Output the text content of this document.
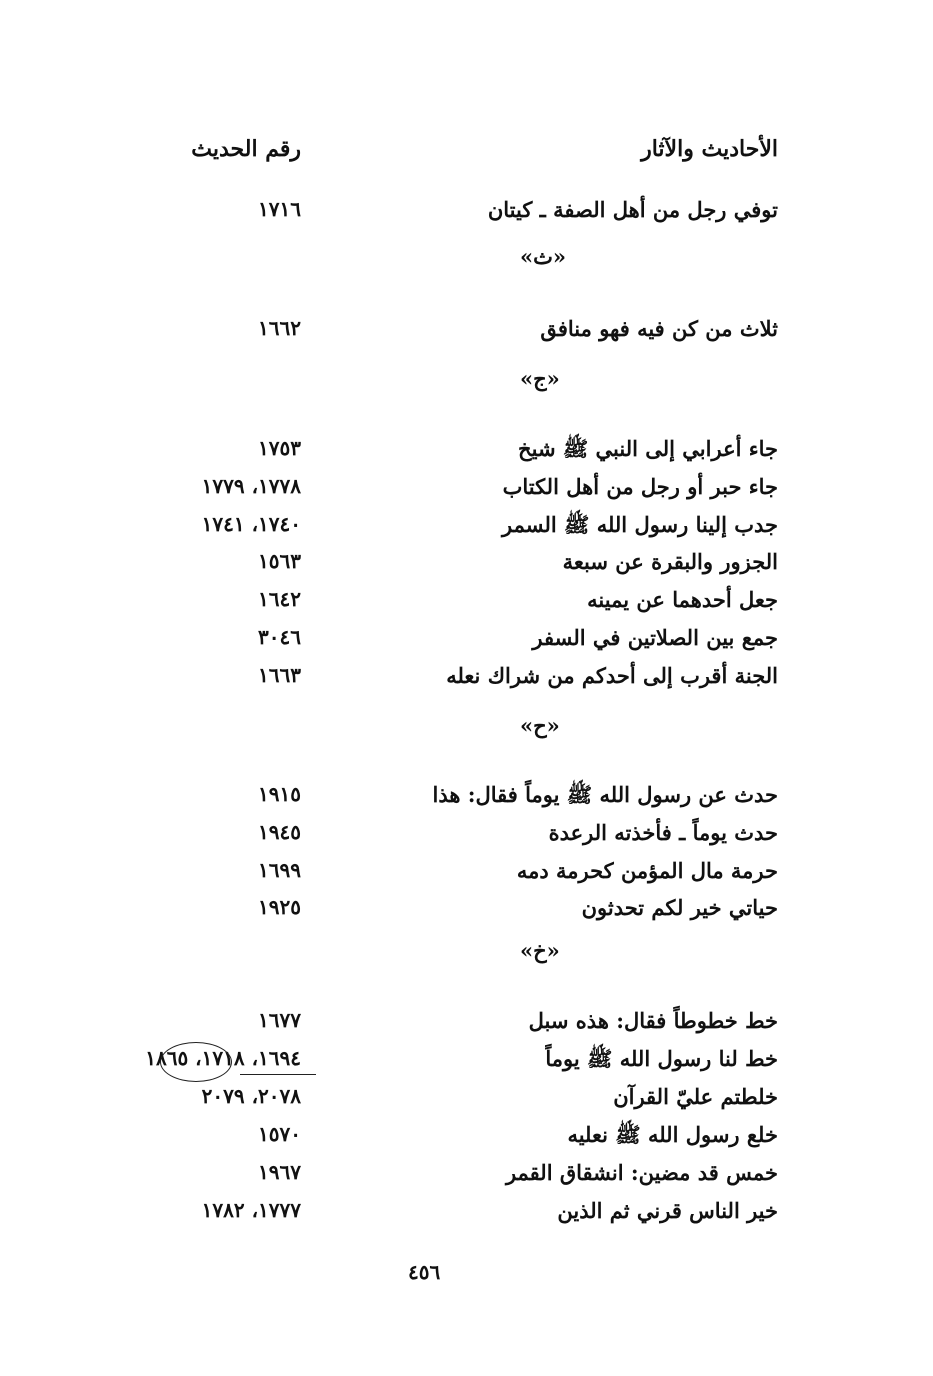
الأحاديث والآثار
رقم الحديث
توفي رجل من أهل الصفة ـ كيتان
١٧١٦
«ث»
ثلاث من كن فيه فهو منافق
١٦٦٢
«ج»
جاء أعرابي إلى النبي ﷺ شيخ
١٧٥٣
جاء حبر أو رجل من أهل الكتاب
١٧٧٨، ١٧٧٩
جدب إلينا رسول الله ﷺ السمر
١٧٤٠، ١٧٤١
الجزور والبقرة عن سبعة
١٥٦٣
جعل أحدهما عن يمينه
١٦٤٢
جمع بين الصلاتين في السفر
٣٠٤٦
الجنة أقرب إلى أحدكم من شراك نعله
١٦٦٣
«ح»
حدث عن رسول الله ﷺ يوماً فقال: هذا
١٩١٥
حدث يوماً ـ فأخذته الرعدة
١٩٤٥
حرمة مال المؤمن كحرمة دمه
١٦٩٩
حياتي خير لكم تحدثون
١٩٢٥
«خ»
خط خطوطاً فقال: هذه سبل
١٦٧٧
خط لنا رسول الله ﷺ يوماً
١٦٩٤، ١٧١٨، ١٨٦٥
خلطتم عليّ القرآن
٢٠٧٨، ٢٠٧٩
خلع رسول الله ﷺ نعليه
١٥٧٠
خمس قد مضين: انشقاق القمر
١٩٦٧
خير الناس قرني ثم الذين
١٧٧٧، ١٧٨٢
٤٥٦
